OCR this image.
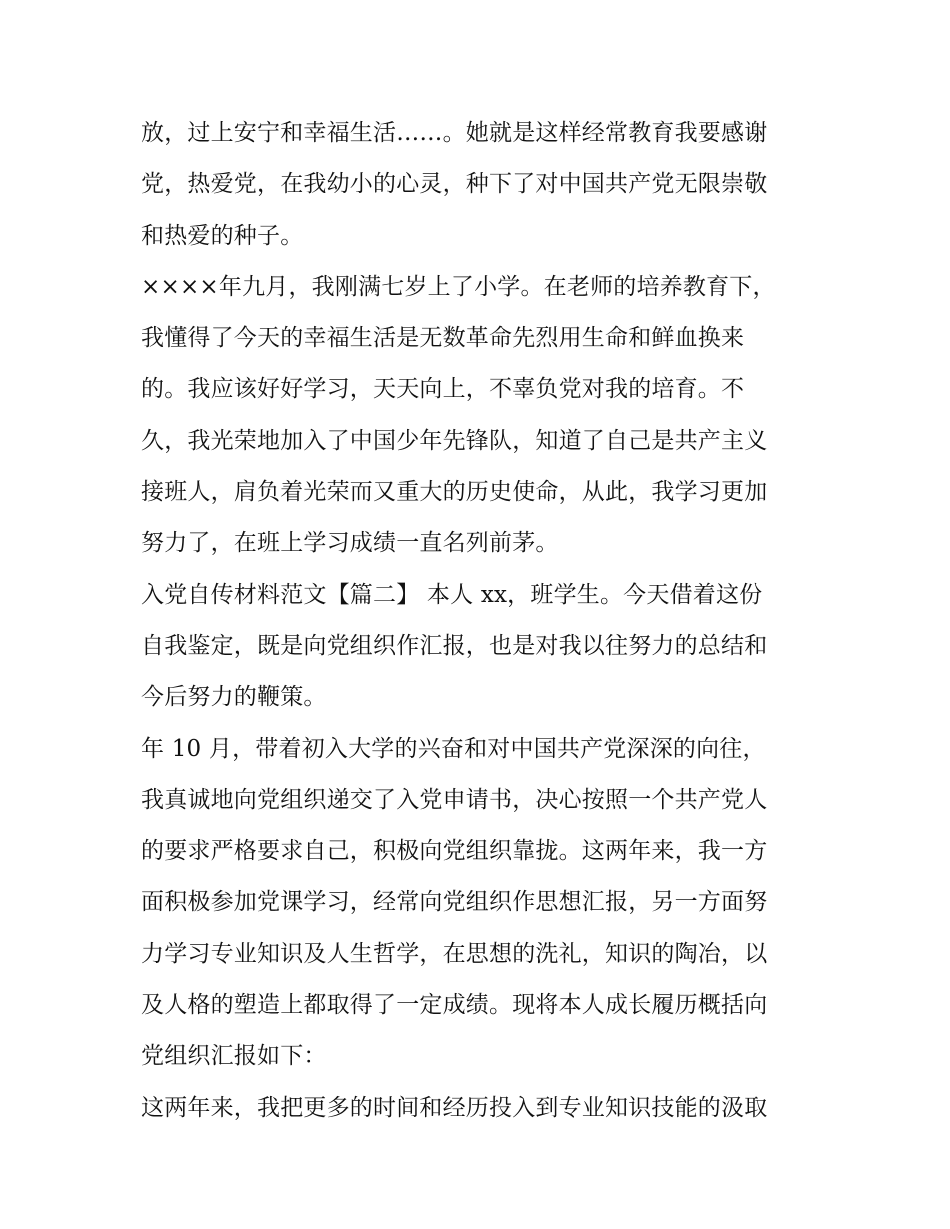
放，过上安宁和幸福生活……。她就是这样经常教育我要感谢
党，热爱党，在我幼小的心灵，种下了对中国共产党无限崇敬
和热爱的种子。
××××年九月，我刚满七岁上了小学。在老师的培养教育下，
我懂得了今天的幸福生活是无数革命先烈用生命和鲜血换来
的。我应该好好学习，天天向上，不辜负党对我的培育。不
久，我光荣地加入了中国少年先锋队，知道了自己是共产主义
接班人，肩负着光荣而又重大的历史使命，从此，我学习更加
努力了，在班上学习成绩一直名列前茅。
入党自传材料范文【篇二】 本人 xx，班学生。今天借着这份
自我鉴定，既是向党组织作汇报，也是对我以往努力的总结和
今后努力的鞭策。
年 10 月，带着初入大学的兴奋和对中国共产党深深的向往，
我真诚地向党组织递交了入党申请书，决心按照一个共产党人
的要求严格要求自己，积极向党组织靠拢。这两年来，我一方
面积极参加党课学习，经常向党组织作思想汇报，另一方面努
力学习专业知识及人生哲学，在思想的洗礼，知识的陶冶，以
及人格的塑造上都取得了一定成绩。现将本人成长履历概括向
党组织汇报如下：
这两年来，我把更多的时间和经历投入到专业知识技能的汲取
